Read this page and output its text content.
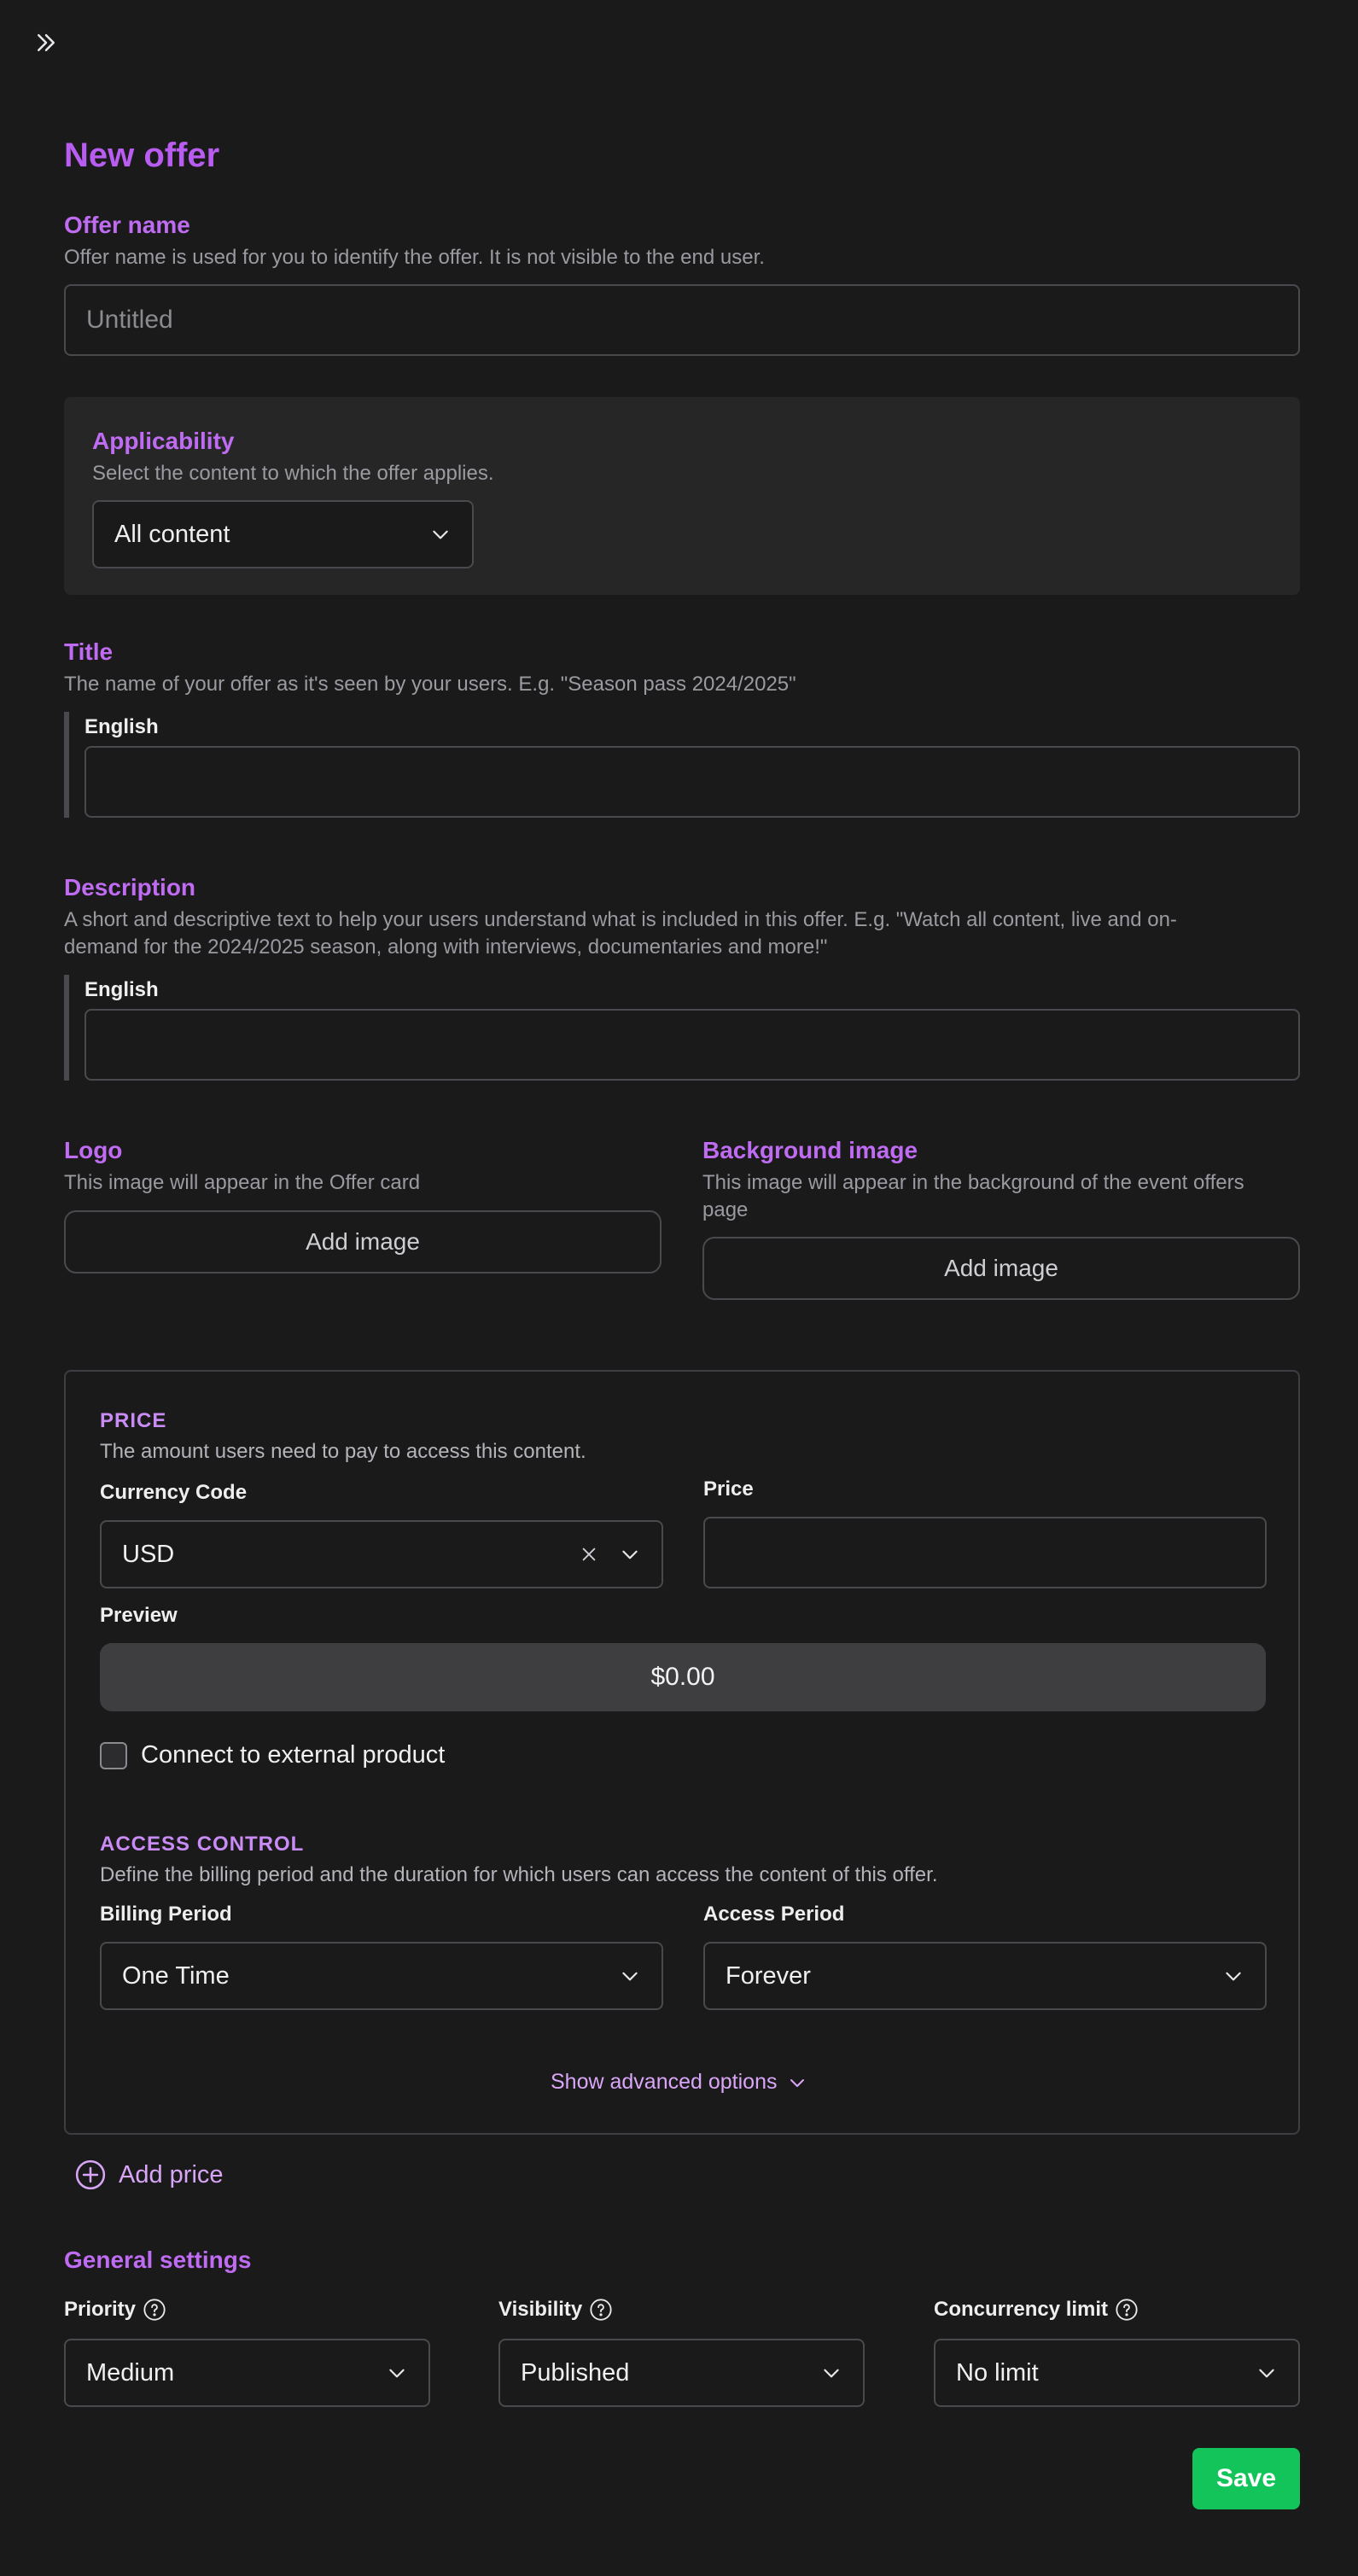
New offer
Offer name
Offer name is used for you to identify the offer. It is not visible to the end user.
Untitled
Applicability
Select the content to which the offer applies.
All content
Title
The name of your offer as it's seen by your users. E.g. "Season pass 2024/2025"
English
Description
A short and descriptive text to help your users understand what is included in this offer. E.g. "Watch all content, live and on-
demand for the 2024/2025 season, along with interviews, documentaries and more!"
English
Logo
This image will appear in the Offer card
Add image
Background image
This image will appear in the background of the event offers
page
Add image
PRICE
The amount users need to pay to access this content.
Currency Code
USD
Price
Preview
$0.00
Connect to external product
ACCESS CONTROL
Define the billing period and the duration for which users can access the content of this offer.
Billing Period
One Time
Access Period
Forever
Show advanced options
Add price
General settings
Priority
Medium
Visibility
Published
Concurrency limit
No limit
Save
